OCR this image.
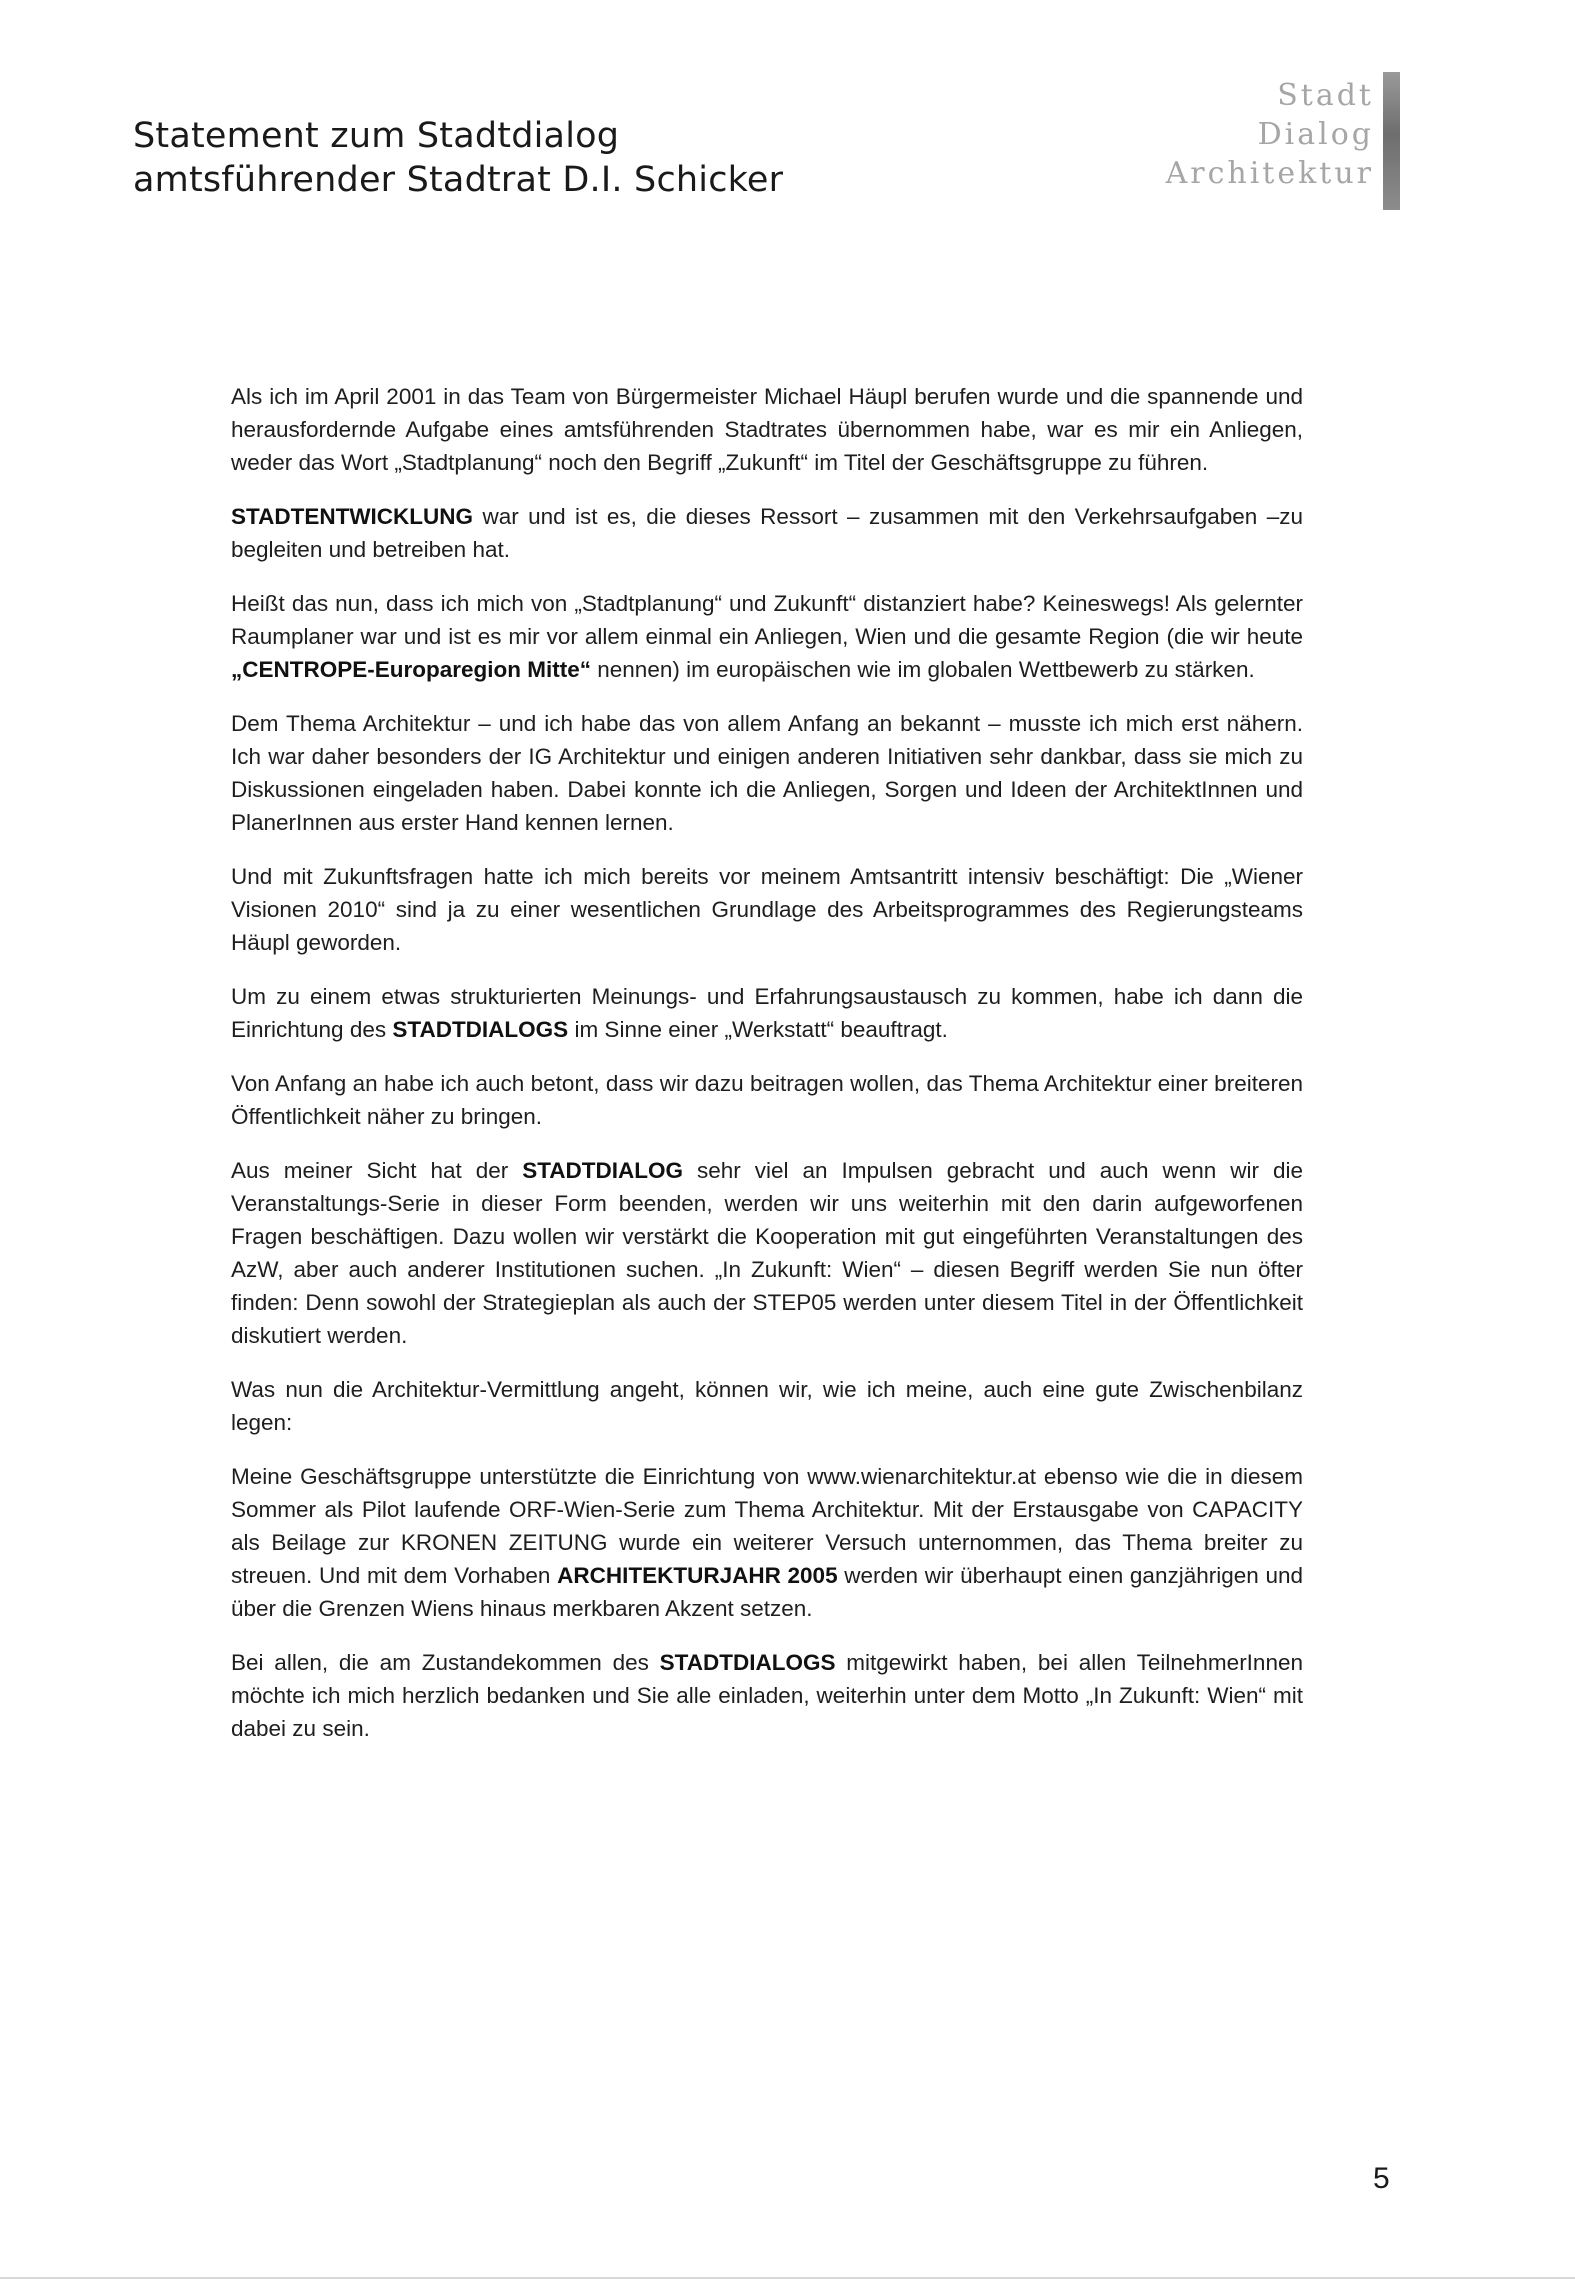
Statement zum Stadtdialog
amtsführender Stadtrat D.I. Schicker
Stadt
Dialog
Architektur

Als ich im April 2001 in das Team von Bürgermeister Michael Häupl berufen wurde und die spannende und herausfordernde Aufgabe eines amtsführenden Stadtrates übernommen habe, war es mir ein Anliegen, weder das Wort „Stadtplanung“ noch den Begriff „Zukunft“ im Titel der Geschäftsgruppe zu führen.

STADTENTWICKLUNG war und ist es, die dieses Ressort – zusammen mit den Verkehrsaufgaben –zu begleiten und betreiben hat.

Heißt das nun, dass ich mich von „Stadtplanung“ und Zukunft“ distanziert habe? Keineswegs! Als gelernter Raumplaner war und ist es mir vor allem einmal ein Anliegen, Wien und die gesamte Region (die wir heute „CENTROPE-Europaregion Mitte“ nennen) im europäischen wie im globalen Wettbewerb zu stärken.

Dem Thema Architektur – und ich habe das von allem Anfang an bekannt – musste ich mich erst nähern. Ich war daher besonders der IG Architektur und einigen anderen Initiativen sehr dankbar, dass sie mich zu Diskussionen eingeladen haben. Dabei konnte ich die Anliegen, Sorgen und Ideen der ArchitektInnen und PlanerInnen aus erster Hand kennen lernen.

Und mit Zukunftsfragen hatte ich mich bereits vor meinem Amtsantritt intensiv beschäftigt: Die „Wiener Visionen 2010“ sind ja zu einer wesentlichen Grundlage des Arbeitsprogrammes des Regierungsteams Häupl geworden.

Um zu einem etwas strukturierten Meinungs- und Erfahrungsaustausch zu kommen, habe ich dann die Einrichtung des STADTDIALOGS im Sinne einer „Werkstatt“ beauftragt.

Von Anfang an habe ich auch betont, dass wir dazu beitragen wollen, das Thema Architektur einer breiteren Öffentlichkeit näher zu bringen.

Aus meiner Sicht hat der STADTDIALOG sehr viel an Impulsen gebracht und auch wenn wir die Veranstaltungs-Serie in dieser Form beenden, werden wir uns weiterhin mit den darin aufgeworfenen Fragen beschäftigen. Dazu wollen wir verstärkt die Kooperation mit gut eingeführten Veranstaltungen des AzW, aber auch anderer Institutionen suchen. „In Zukunft: Wien“ – diesen Begriff werden Sie nun öfter finden: Denn sowohl der Strategieplan als auch der STEP05 werden unter diesem Titel in der Öffentlichkeit diskutiert werden.

Was nun die Architektur-Vermittlung angeht, können wir, wie ich meine, auch eine gute Zwischenbilanz legen:

Meine Geschäftsgruppe unterstützte die Einrichtung von www.wienarchitektur.at ebenso wie die in diesem Sommer als Pilot laufende ORF-Wien-Serie zum Thema Architektur. Mit der Erstausgabe von CAPACITY als Beilage zur KRONEN ZEITUNG wurde ein weiterer Versuch unternommen, das Thema breiter zu streuen. Und mit dem Vorhaben ARCHITEKTURJAHR 2005 werden wir überhaupt einen ganzjährigen und über die Grenzen Wiens hinaus merkbaren Akzent setzen.

Bei allen, die am Zustandekommen des STADTDIALOGS mitgewirkt haben, bei allen TeilnehmerInnen möchte ich mich herzlich bedanken und Sie alle einladen, weiterhin unter dem Motto „In Zukunft: Wien“ mit dabei zu sein.

5
